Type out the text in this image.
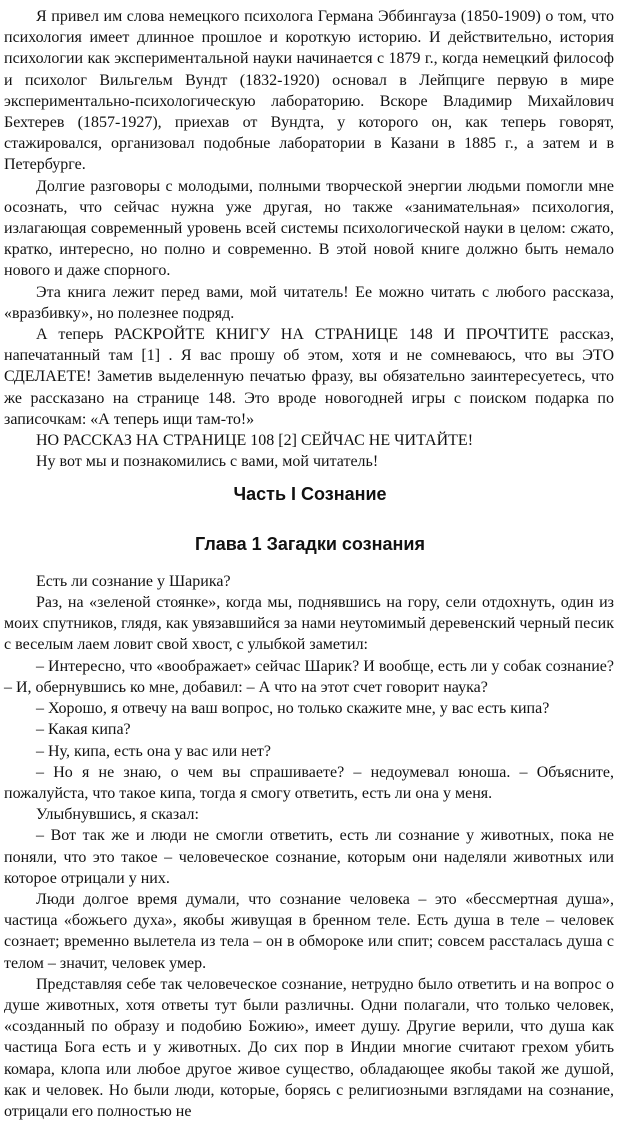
Я привел им слова немецкого психолога Германа Эббингауза (1850-1909) о том, что психология имеет длинное прошлое и короткую историю. И действительно, история психологии как экспериментальной науки начинается с 1879 г., когда немецкий философ и психолог Вильгельм Вундт (1832-1920) основал в Лейпциге первую в мире экспериментально-психологическую лабораторию. Вскоре Владимир Михайлович Бехтерев (1857-1927), приехав от Вундта, у которого он, как теперь говорят, стажировался, организовал подобные лаборатории в Казани в 1885 г., а затем и в Петербурге.

Долгие разговоры с молодыми, полными творческой энергии людьми помогли мне осознать, что сейчас нужна уже другая, но также «занимательная» психология, излагающая современный уровень всей системы психологической науки в целом: сжато, кратко, интересно, но полно и современно. В этой новой книге должно быть немало нового и даже спорного.

Эта книга лежит перед вами, мой читатель! Ее можно читать с любого рассказа, «вразбивку», но полезнее подряд.

А теперь РАСКРОЙТЕ КНИГУ НА СТРАНИЦЕ 148 И ПРОЧТИТЕ рассказ, напечатанный там [1] . Я вас прошу об этом, хотя и не сомневаюсь, что вы ЭТО СДЕЛАЕТЕ! Заметив выделенную печатью фразу, вы обязательно заинтересуетесь, что же рассказано на странице 148. Это вроде новогодней игры с поиском подарка по записочкам: «А теперь ищи там-то!»

НО РАССКАЗ НА СТРАНИЦЕ 108 [2] СЕЙЧАС НЕ ЧИТАЙТЕ!

Ну вот мы и познакомились с вами, мой читатель!

Часть I Сознание
Глава 1 Загадки сознания

Есть ли сознание у Шарика?

Раз, на «зеленой стоянке», когда мы, поднявшись на гору, сели отдохнуть, один из моих спутников, глядя, как увязавшийся за нами неутомимый деревенский черный песик с веселым лаем ловит свой хвост, с улыбкой заметил:

– Интересно, что «воображает» сейчас Шарик? И вообще, есть ли у собак сознание? – И, обернувшись ко мне, добавил: – А что на этот счет говорит наука?

– Хорошо, я отвечу на ваш вопрос, но только скажите мне, у вас есть кипа?

– Какая кипа?

– Ну, кипа, есть она у вас или нет?

– Но я не знаю, о чем вы спрашиваете? – недоумевал юноша. – Объясните, пожалуйста, что такое кипа, тогда я смогу ответить, есть ли она у меня.

Улыбнувшись, я сказал:

– Вот так же и люди не смогли ответить, есть ли сознание у животных, пока не поняли, что это такое – человеческое сознание, которым они наделяли животных или которое отрицали у них.

Люди долгое время думали, что сознание человека – это «бессмертная душа», частица «божьего духа», якобы живущая в бренном теле. Есть душа в теле – человек сознает; временно вылетела из тела – он в обмороке или спит; совсем рассталась душа с телом – значит, человек умер.

Представляя себе так человеческое сознание, нетрудно было ответить и на вопрос о душе животных, хотя ответы тут были различны. Одни полагали, что только человек, «созданный по образу и подобию Божию», имеет душу. Другие верили, что душа как частица Бога есть и у животных. До сих пор в Индии многие считают грехом убить комара, клопа или любое другое живое существо, обладающее якобы такой же душой, как и человек. Но были люди, которые, борясь с религиозными взглядами на сознание, отрицали его полностью не
